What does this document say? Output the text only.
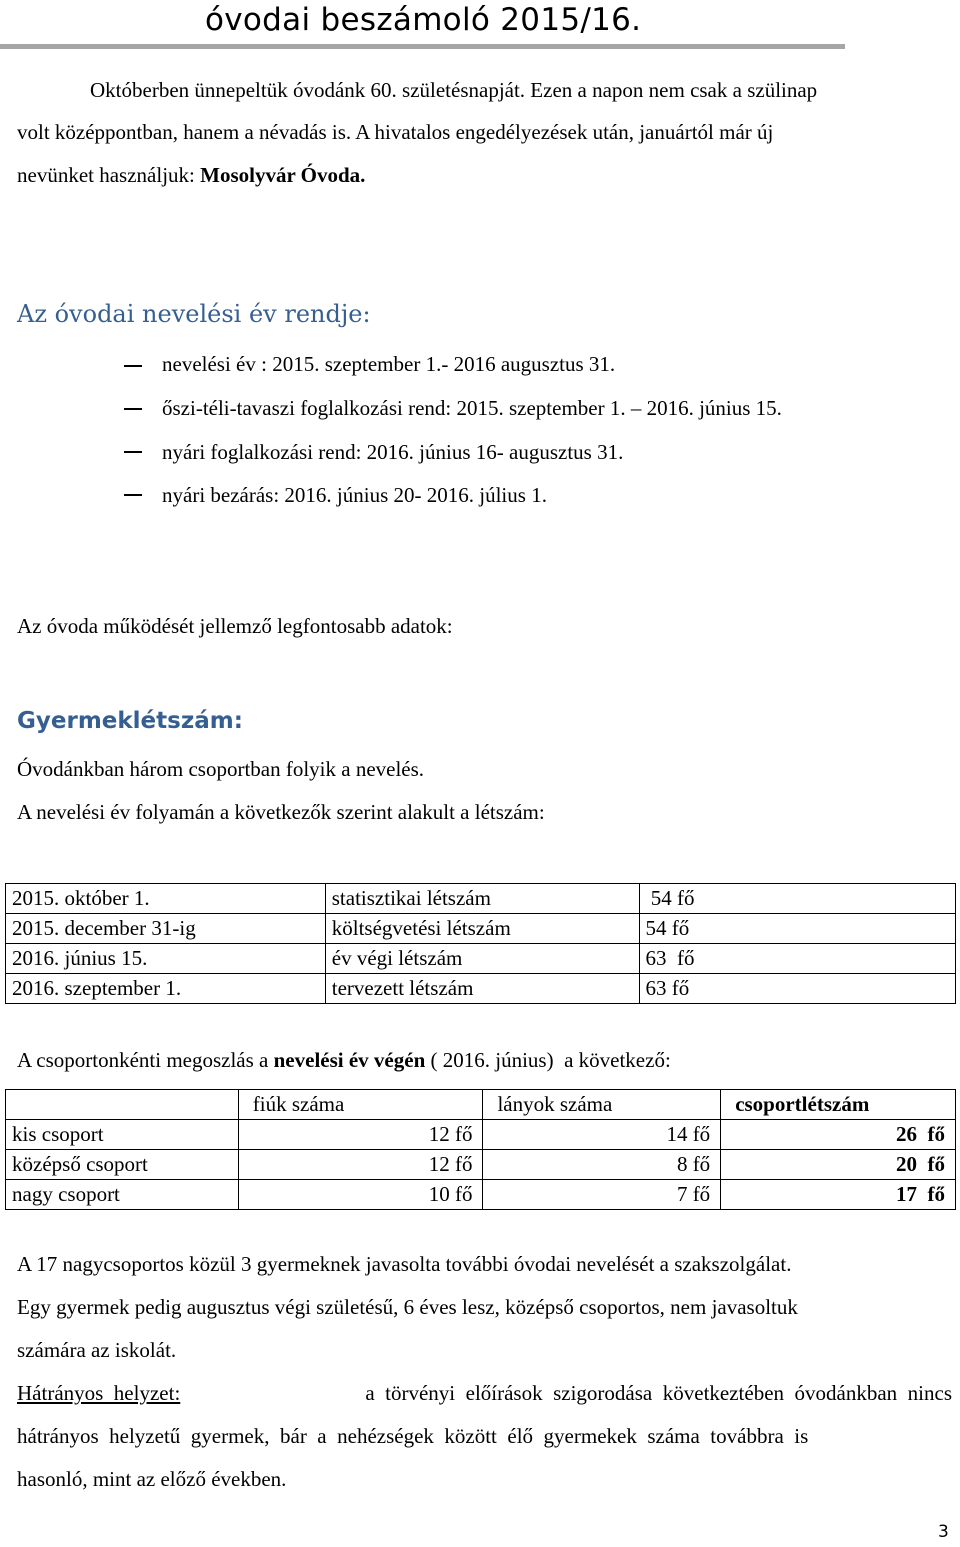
óvodai beszámoló 2015/16.
Októberben ünnepeltük óvodánk 60. születésnapját. Ezen a napon nem csak a szülinap
volt középpontban, hanem a névadás is. A hivatalos engedélyezések után, januártól már új
nevünket használjuk: Mosolyvár Óvoda.
Az óvodai nevelési év rendje:
nevelési év : 2015. szeptember 1.- 2016 augusztus 31.
őszi-téli-tavaszi foglalkozási rend: 2015. szeptember 1. – 2016. június 15.
nyári foglalkozási rend: 2016. június 16- augusztus 31.
nyári bezárás: 2016. június 20- 2016. július 1.
Az óvoda működését jellemző legfontosabb adatok:
Gyermeklétszám:
Óvodánkban három csoportban folyik a nevelés.
A nevelési év folyamán a következők szerint alakult a létszám:
2015. október 1.	statisztikai létszám	54 fő
2015. december 31-ig	költségvetési létszám	54 fő
2016. június 15.	év végi létszám	63  fő
2016. szeptember 1.	tervezett létszám	63 fő
A csoportonkénti megoszlás a nevelési év végén ( 2016. június)  a következő:
	fiúk száma	lányok száma	csoportlétszám
kis csoport	12 fő	14 fő	26  fő
középső csoport	12 fő	8 fő	20  fő
nagy csoport	10 fő	7 fő	17  fő
A 17 nagycsoportos közül 3 gyermeknek javasolta további óvodai nevelését a szakszolgálat.
Egy gyermek pedig augusztus végi születésű, 6 éves lesz, középső csoportos, nem javasoltuk
számára az iskolát.
Hátrányos  helyzet:	a  törvényi  előírások  szigorodása  következtében  óvodánkban  nincs
hátrányos  helyzetű  gyermek,  bár  a  nehézségek  között  élő  gyermekek  száma  továbbra  is
hasonló, mint az előző években.
3
